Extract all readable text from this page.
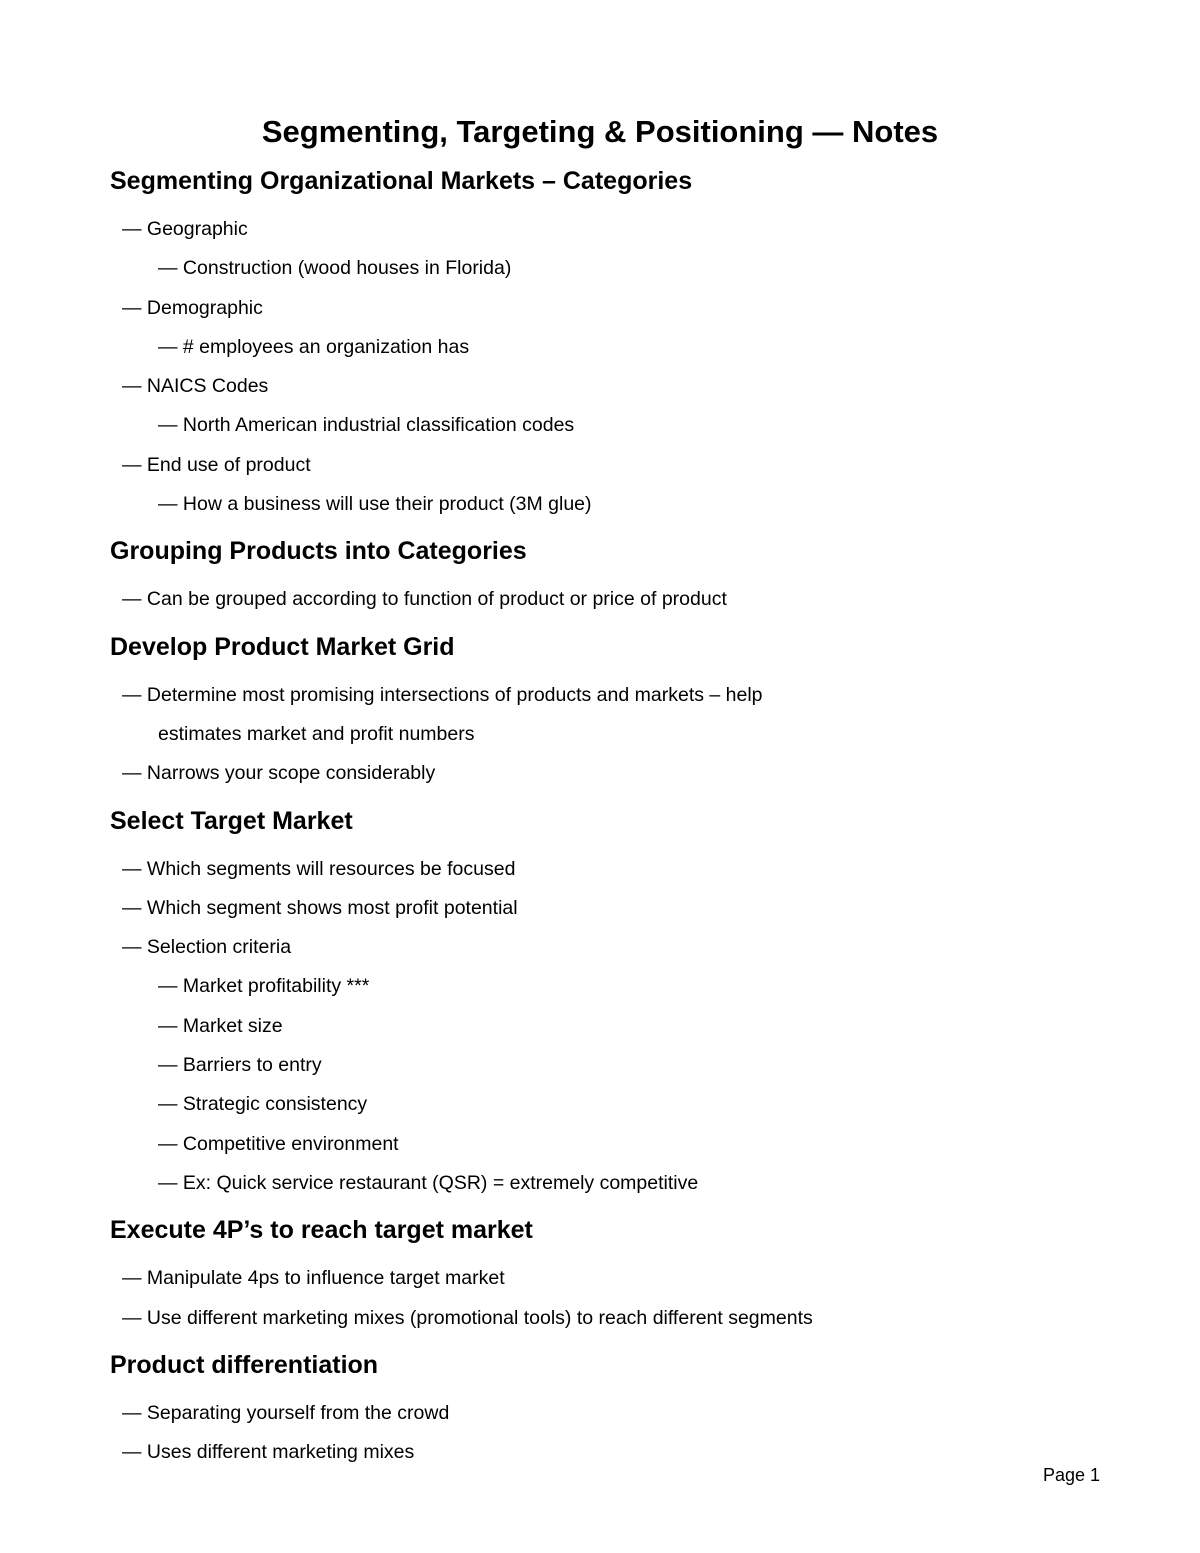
Segmenting, Targeting & Positioning — Notes
Segmenting Organizational Markets – Categories
— Geographic
— Construction (wood houses in Florida)
— Demographic
— # employees an organization has
— NAICS Codes
— North American industrial classification codes
— End use of product
— How a business will use their product (3M glue)
Grouping Products into Categories
— Can be grouped according to function of product or price of product
Develop Product Market Grid
— Determine most promising intersections of products and markets – help
estimates market and profit numbers
— Narrows your scope considerably
Select Target Market
— Which segments will resources be focused
— Which segment shows most profit potential
— Selection criteria
— Market profitability ***
— Market size
— Barriers to entry
— Strategic consistency
— Competitive environment
— Ex: Quick service restaurant (QSR) = extremely competitive
Execute 4P’s to reach target market
— Manipulate 4ps to influence target market
— Use different marketing mixes (promotional tools) to reach different segments
Product differentiation
— Separating yourself from the crowd
— Uses different marketing mixes
Page 1
